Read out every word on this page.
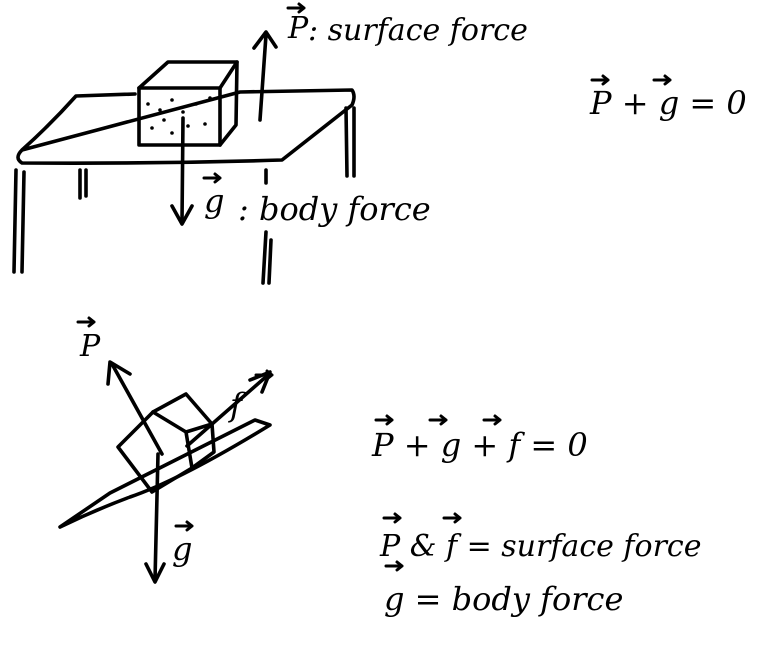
P : surface force
g : body force
P + g = 0
P
f
g
P + g + f = 0
P & f = surface force
g = body force
